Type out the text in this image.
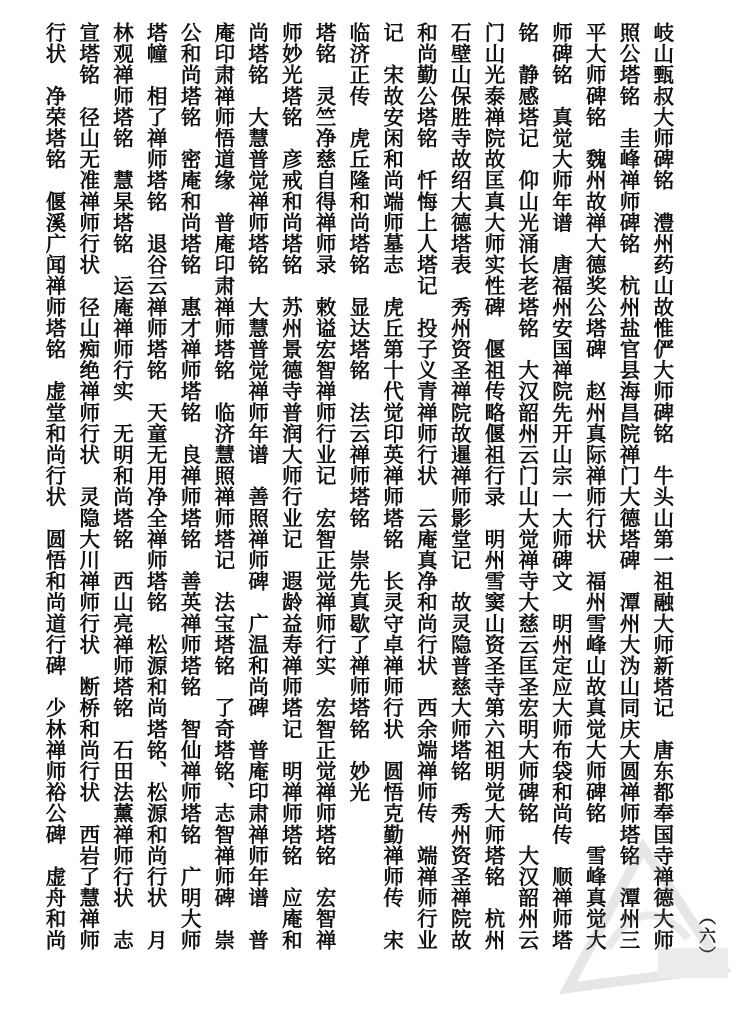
岐山甄叔大师碑铭　澧州药山故惟俨大师碑铭　牛头山第一祖融大师新塔记　唐东都奉国寺禅德大师
照公塔铭　圭峰禅师碑铭　杭州盐官县海昌院禅门大德塔碑　潭州大沩山同庆大圆禅师塔铭　潭州三
平大师碑铭　魏州故禅大德奖公塔碑　赵州真际禅师行状　福州雪峰山故真觉大师碑铭　雪峰真觉大
师碑铭　真觉大师年谱　唐福州安国禅院先开山宗一大师碑文　明州定应大师布袋和尚传　顺禅师塔
铭　静感塔记　仰山光涌长老塔铭　大汉韶州云门山大觉禅寺大慈云匡圣宏明大师碑铭　大汉韶州云
门山光泰禅院故匡真大师实性碑　偃祖传略偃祖行录　明州雪窦山资圣寺第六祖明觉大师塔铭　杭州
石壁山保胜寺故绍大德塔表　秀州资圣禅院故暹禅师影堂记　故灵隐普慈大师塔铭　秀州资圣禅院故
和尚勤公塔铭　忏悔上人塔记　投子义青禅师行状　云庵真净和尚行状　西余端禅师传　端禅师行业
记　宋故安闲和尚端师墓志　虎丘第十代觉印英禅师塔铭　长灵守卓禅师行状　圆悟克勤禅师传　宋
临济正传　虎丘隆和尚塔铭　显达塔铭　法云禅师塔铭　崇先真歇了禅师塔铭　妙光
塔铭　灵竺净慈自得禅师录　敕谥宏智禅师行业记　宏智正觉禅师行实　宏智正觉禅师塔铭　宏智禅
师妙光塔铭　彦戒和尚塔铭　苏州景德寺普润大师行业记　遐龄益寿禅师塔记　明禅师塔铭　应庵和
尚塔铭　大慧普觉禅师塔铭　大慧普觉禅师年谱　善照禅师碑　广温和尚碑　普庵印肃禅师年谱　普
庵印肃禅师悟道缘　普庵印肃禅师塔铭　临济慧照禅师塔记　法宝塔铭　了奇塔铭、志智禅师碑　崇
公和尚塔铭　密庵和尚塔铭　惠才禅师塔铭　良禅师塔铭　善英禅师塔铭　智仙禅师塔铭　广明大师
塔幢　相了禅师塔铭　退谷云禅师塔铭　天童无用净全禅师塔铭　松源和尚塔铭、松源和尚行状　月
林观禅师塔铭　慧杲塔铭　运庵禅师行实　无明和尚塔铭　西山亮禅师塔铭　石田法薰禅师行状　志
宣塔铭　径山无准禅师行状　径山痴绝禅师行状　灵隐大川禅师行状　断桥和尚行状　西岩了慧禅师
行状　净荣塔铭　偃溪广闻禅师塔铭　虚堂和尚行状　圆悟和尚道行碑　少林禅师裕公碑　虚舟和尚	（六）
